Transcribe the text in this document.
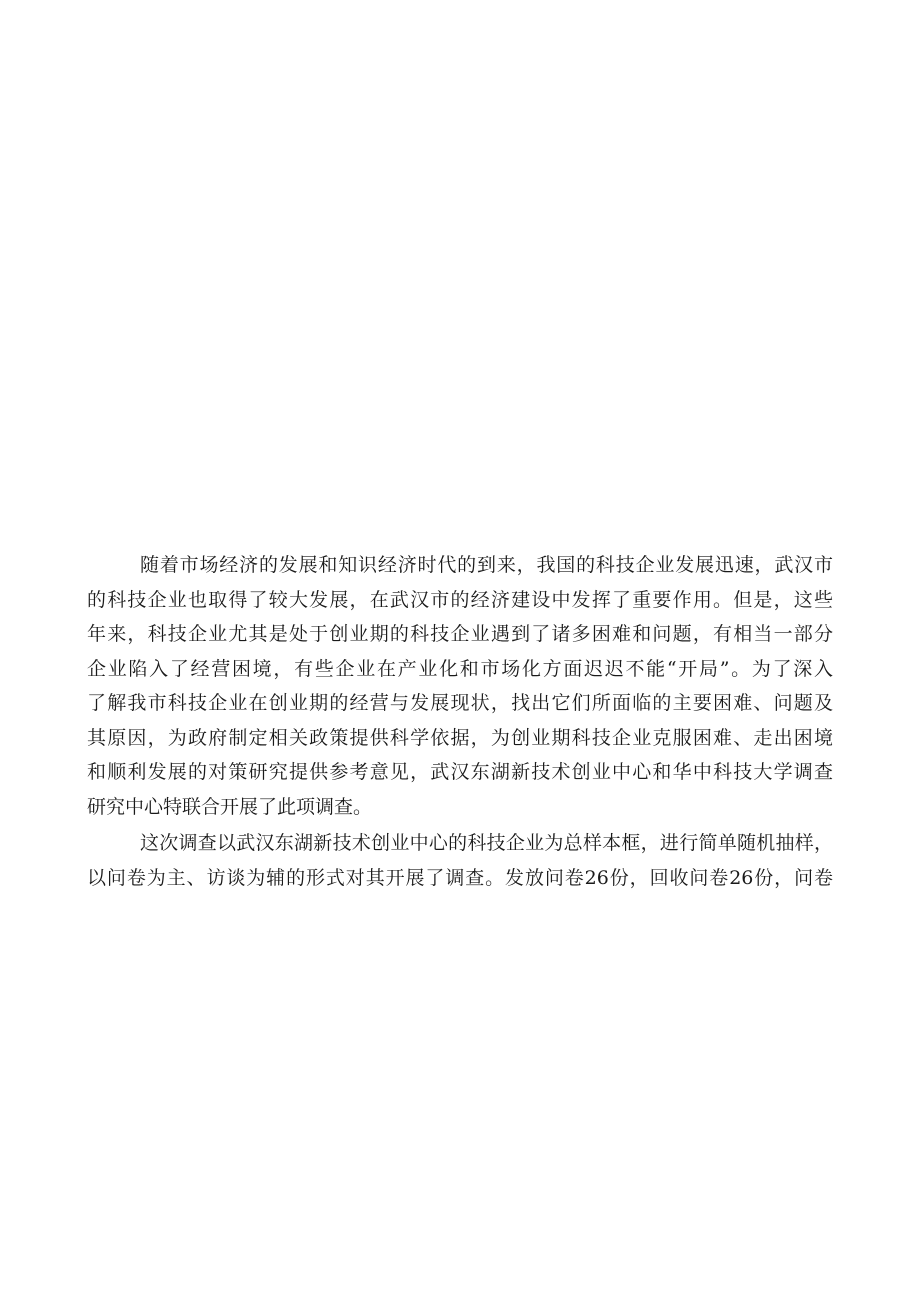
随着市场经济的发展和知识经济时代的到来，我国的科技企业发展迅速，武汉市
的科技企业也取得了较大发展，在武汉市的经济建设中发挥了重要作用。但是，这些
年来，科技企业尤其是处于创业期的科技企业遇到了诸多困难和问题，有相当一部分
企业陷入了经营困境，有些企业在产业化和市场化方面迟迟不能“开局”。为了深入
了解我市科技企业在创业期的经营与发展现状，找出它们所面临的主要困难、问题及
其原因，为政府制定相关政策提供科学依据，为创业期科技企业克服困难、走出困境
和顺利发展的对策研究提供参考意见，武汉东湖新技术创业中心和华中科技大学调查
研究中心特联合开展了此项调查。
这次调查以武汉东湖新技术创业中心的科技企业为总样本框，进行简单随机抽样，
以问卷为主、访谈为辅的形式对其开展了调查。发放问卷26份，回收问卷26份，问卷
